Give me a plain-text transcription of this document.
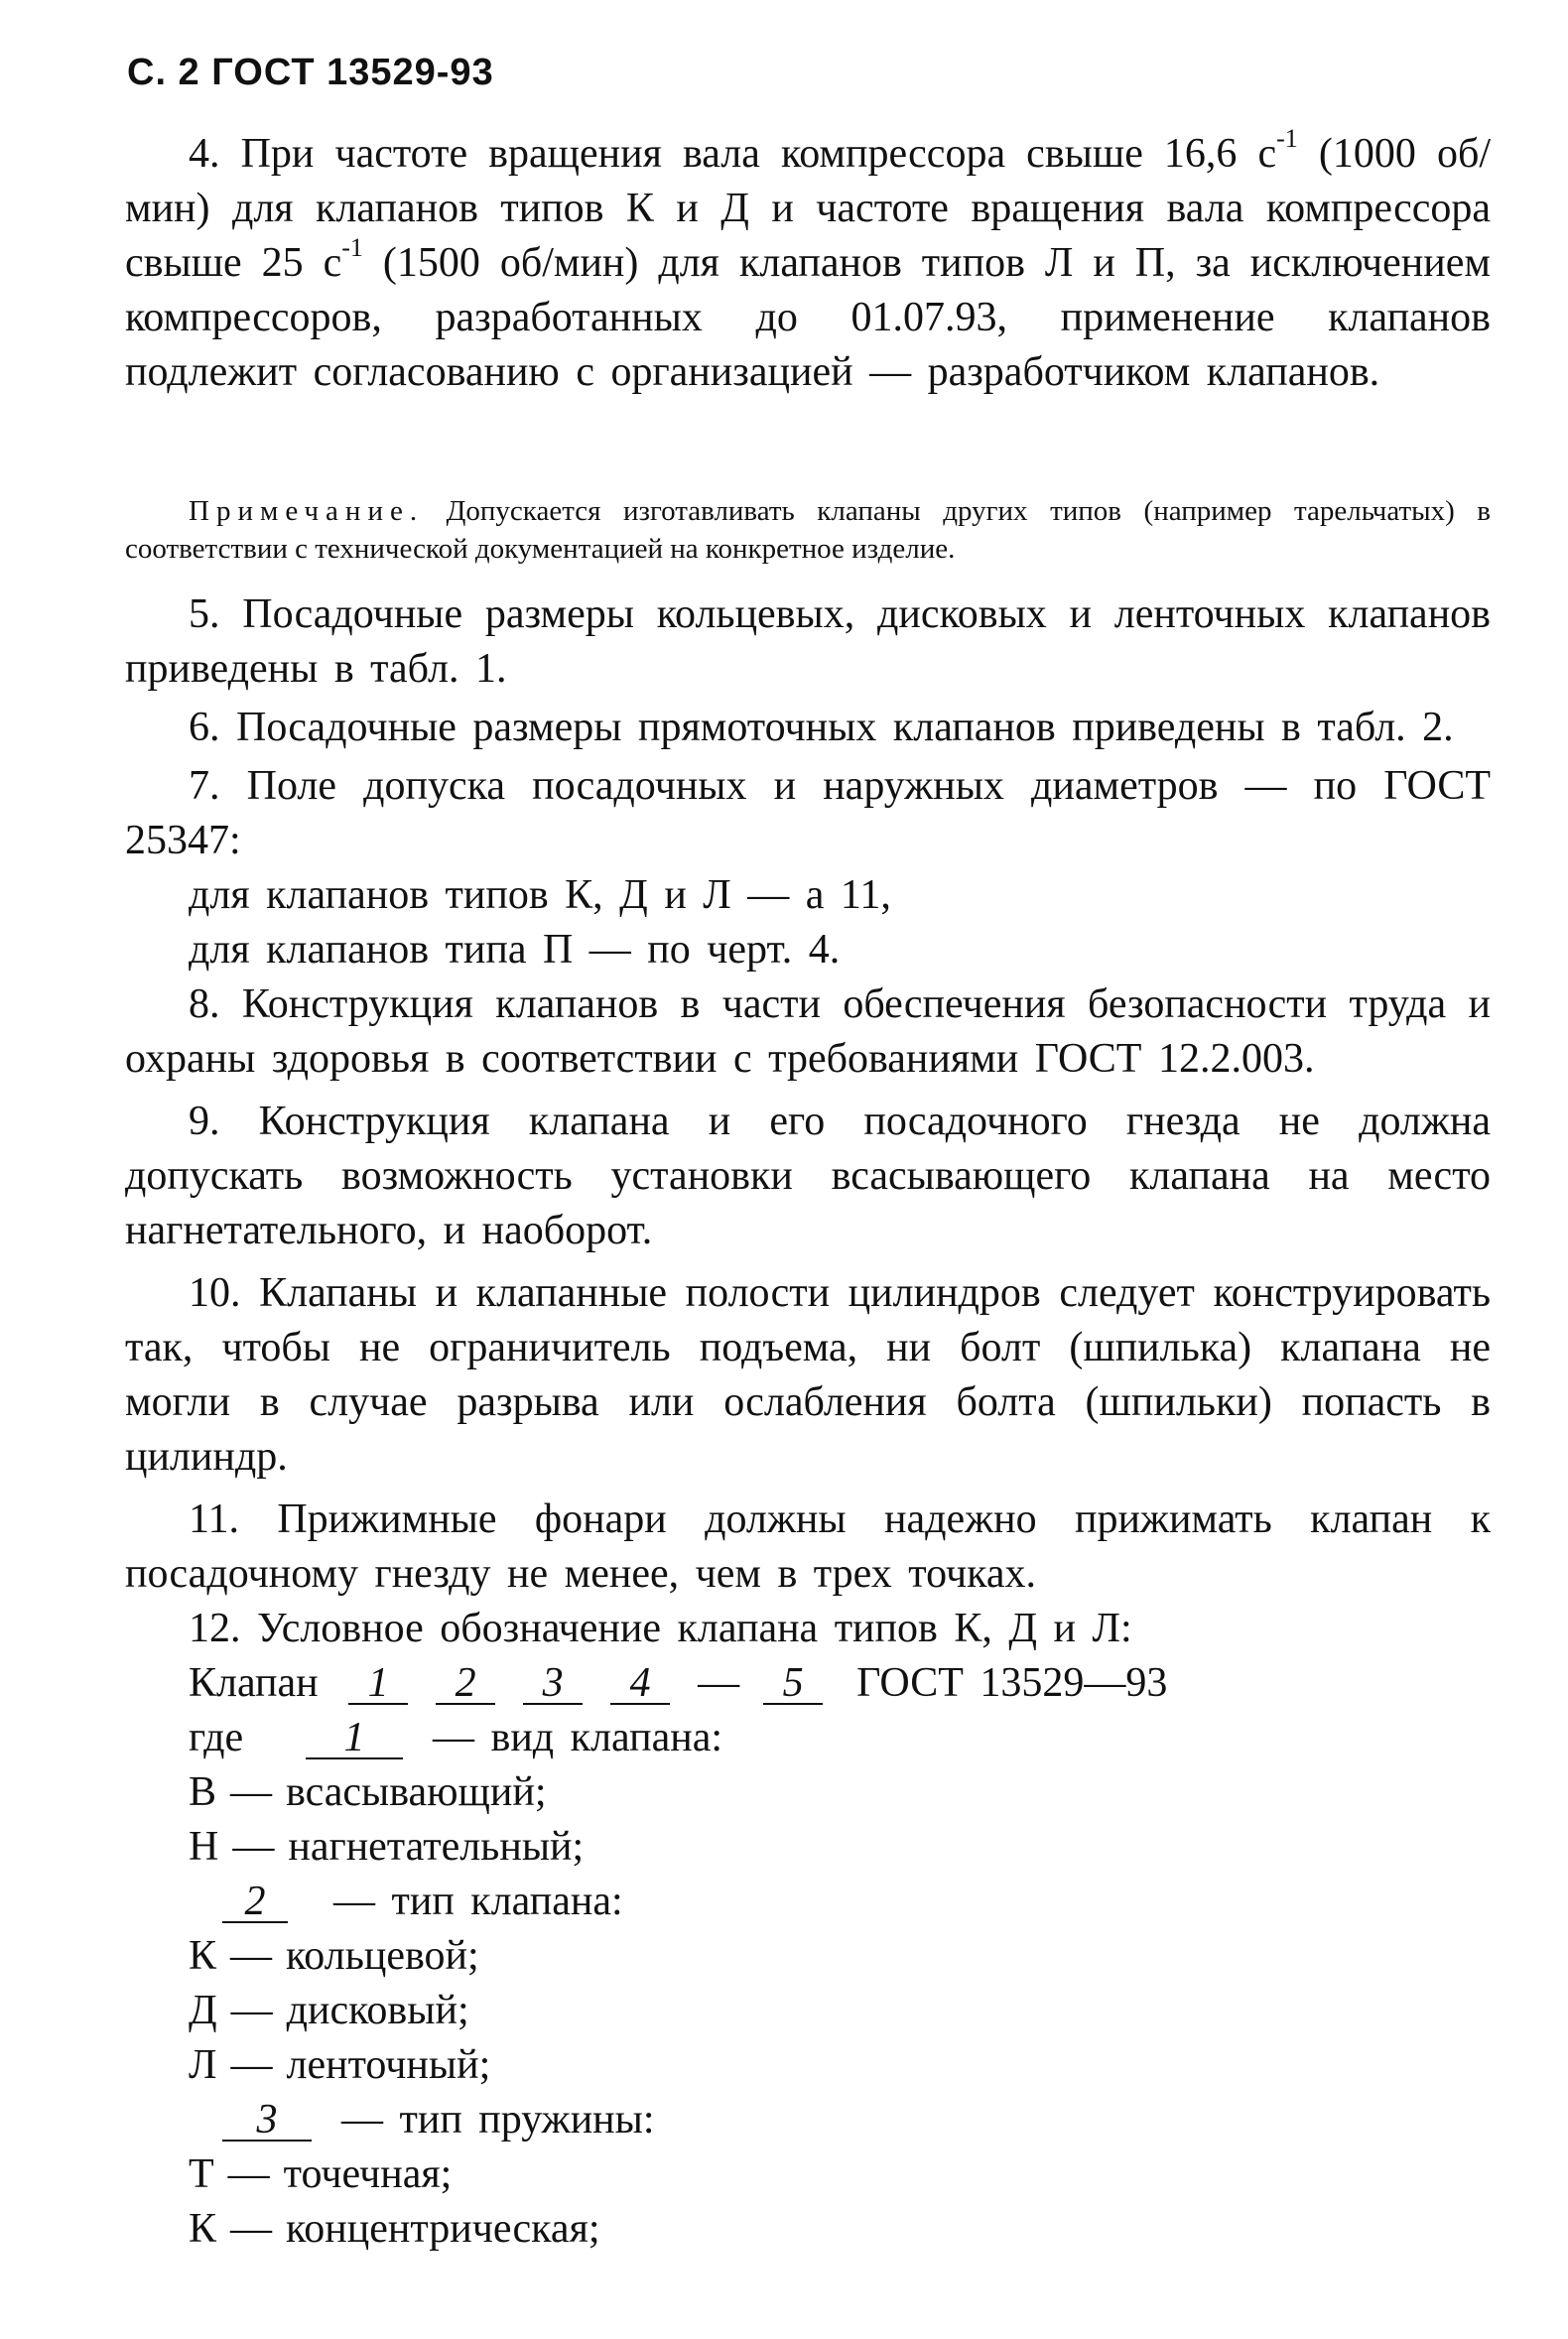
С. 2 ГОСТ 13529-93

4. При частоте вращения вала компрессора свыше 16,6 $с^{-1}$ (1000 об/мин) для клапанов типов К и Д и частоте вращения вала компрессора свыше 25 $с^{-1}$ (1500 об/мин) для клапанов типов Л и П, за исключением компрессоров, разработанных до 01.07.93, применение клапанов подлежит согласованию с организацией — разработчиком клапанов.

Примечание. Допускается изготавливать клапаны других типов (например тарельчатых) в соответствии с технической документацией на конкретное изделие.

5. Посадочные размеры кольцевых, дисковых и ленточных клапанов приведены в табл. 1.

6. Посадочные размеры прямоточных клапанов приведены в табл. 2.

7. Поле допуска посадочных и наружных диаметров — по ГОСТ 25347:

для клапанов типов К, Д и Л — а 11,

для клапанов типа П — по черт. 4.

8. Конструкция клапанов в части обеспечения безопасности труда и охраны здоровья в соответствии с требованиями ГОСТ 12.2.003.

9. Конструкция клапана и его посадочного гнезда не должна допускать возможность установки всасывающего клапана на место нагнетательного, и наоборот.

10. Клапаны и клапанные полости цилиндров следует конструировать так, чтобы не ограничитель подъема, ни болт (шпилька) клапана не могли в случае разрыва или ослабления болта (шпильки) попасть в цилиндр.

11. Прижимные фонари должны надежно прижимать клапан к посадочному гнезду не менее, чем в трех точках.

12. Условное обозначение клапана типов К, Д и Л:

Клапан 1 2 3 4 — 5 ГОСТ 13529—93

где 1 — вид клапана:

В — всасывающий;

Н — нагнетательный;

2 — тип клапана:

К — кольцевой;

Д — дисковый;

Л — ленточный;

3 — тип пружины:

Т — точечная;

К — концентрическая;
